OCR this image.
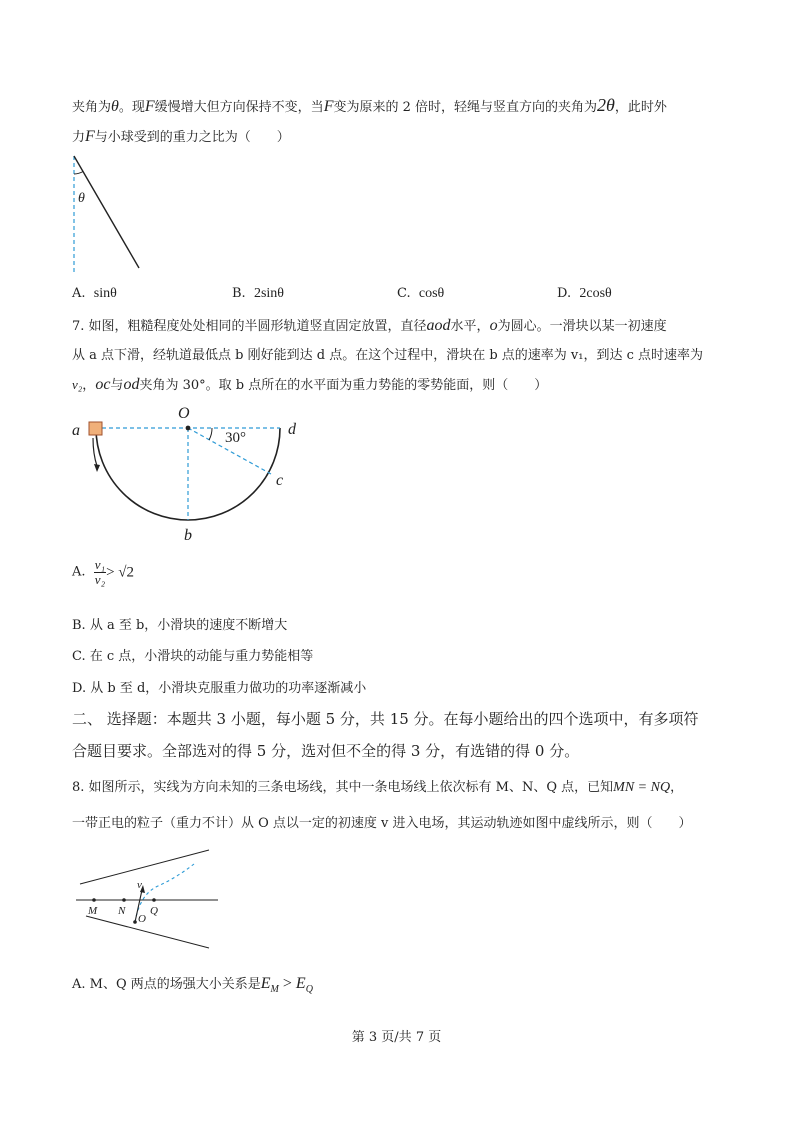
夹角为θ。现F缓慢增大但方向保持不变，当F变为原来的 2 倍时，轻绳与竖直方向的夹角为2θ，此时外
力F与小球受到的重力之比为（　　）
θ
A. sinθ	B. 2sinθ	C. cosθ	D. 2cosθ
7. 如图，粗糙程度处处相同的半圆形轨道竖直固定放置，直径aod水平，o为圆心。一滑块以某一初速度
从 a 点下滑，经轨道最低点 b 刚好能到达 d 点。在这个过程中，滑块在 b 点的速率为 v₁，到达 c 点时速率为
v₂，oc与od夹角为 30°。取 b 点所在的水平面为重力势能的零势能面，则（　　）
O
a	d
c
b
30°
A. $\frac{\text{v₁}}{\text{v₂}} > √2$
B. 从 a 至 b，小滑块的速度不断增大
C. 在 c 点，小滑块的动能与重力势能相等
D. 从 b 至 d，小滑块克服重力做功的功率逐渐减小
二、 选择题：本题共 3 小题，每小题 5 分，共 15 分。在每小题给出的四个选项中，有多项符
合题目要求。全部选对的得 5 分，选对但不全的得 3 分，有选错的得 0 分。
8. 如图所示，实线为方向未知的三条电场线，其中一条电场线上依次标有 M、N、Q 点，已知MN = NQ，
一带正电的粒子（重力不计）从 O 点以一定的初速度 v 进入电场，其运动轨迹如图中虚线所示，则（　　）
M N Q
O
v
A. M、Q 两点的场强大小关系是$E_M > E_Q$
第 3 页/共 7 页
